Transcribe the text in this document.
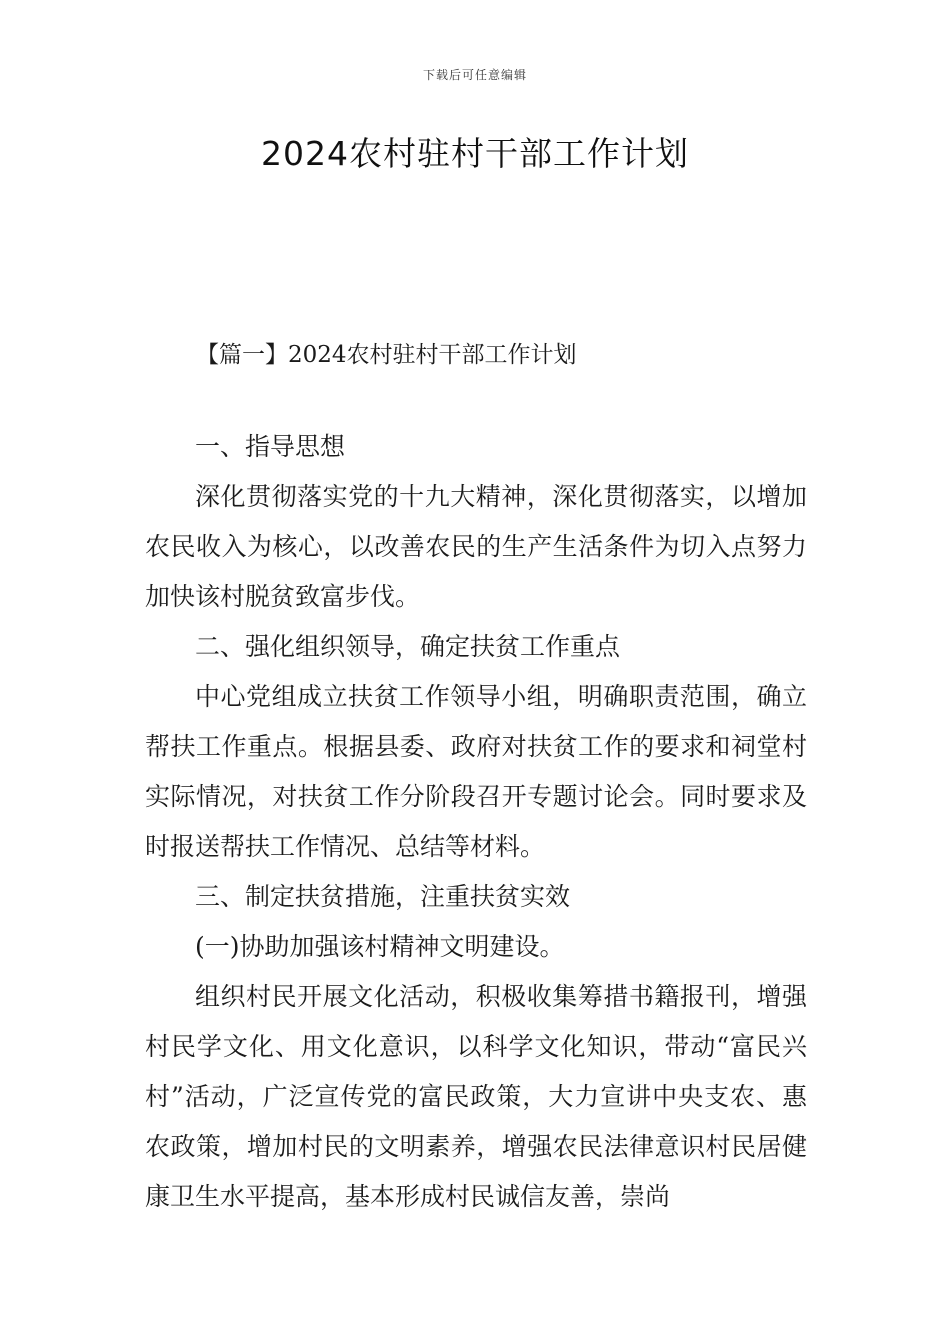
下载后可任意编辑
2024农村驻村干部工作计划
【篇一】2024农村驻村干部工作计划

一、指导思想

深化贯彻落实党的十九大精神，深化贯彻落实，以增加农民收入为核心，以改善农民的生产生活条件为切入点努力加快该村脱贫致富步伐。

二、强化组织领导，确定扶贫工作重点

中心党组成立扶贫工作领导小组，明确职责范围，确立帮扶工作重点。根据县委、政府对扶贫工作的要求和祠堂村实际情况，对扶贫工作分阶段召开专题讨论会。同时要求及时报送帮扶工作情况、总结等材料。

三、制定扶贫措施，注重扶贫实效

(一)协助加强该村精神文明建设。

组织村民开展文化活动，积极收集筹措书籍报刊，增强村民学文化、用文化意识，以科学文化知识，带动“富民兴村”活动，广泛宣传党的富民政策，大力宣讲中央支农、惠农政策，增加村民的文明素养，增强农民法律意识村民居健康卫生水平提高，基本形成村民诚信友善，崇尚
